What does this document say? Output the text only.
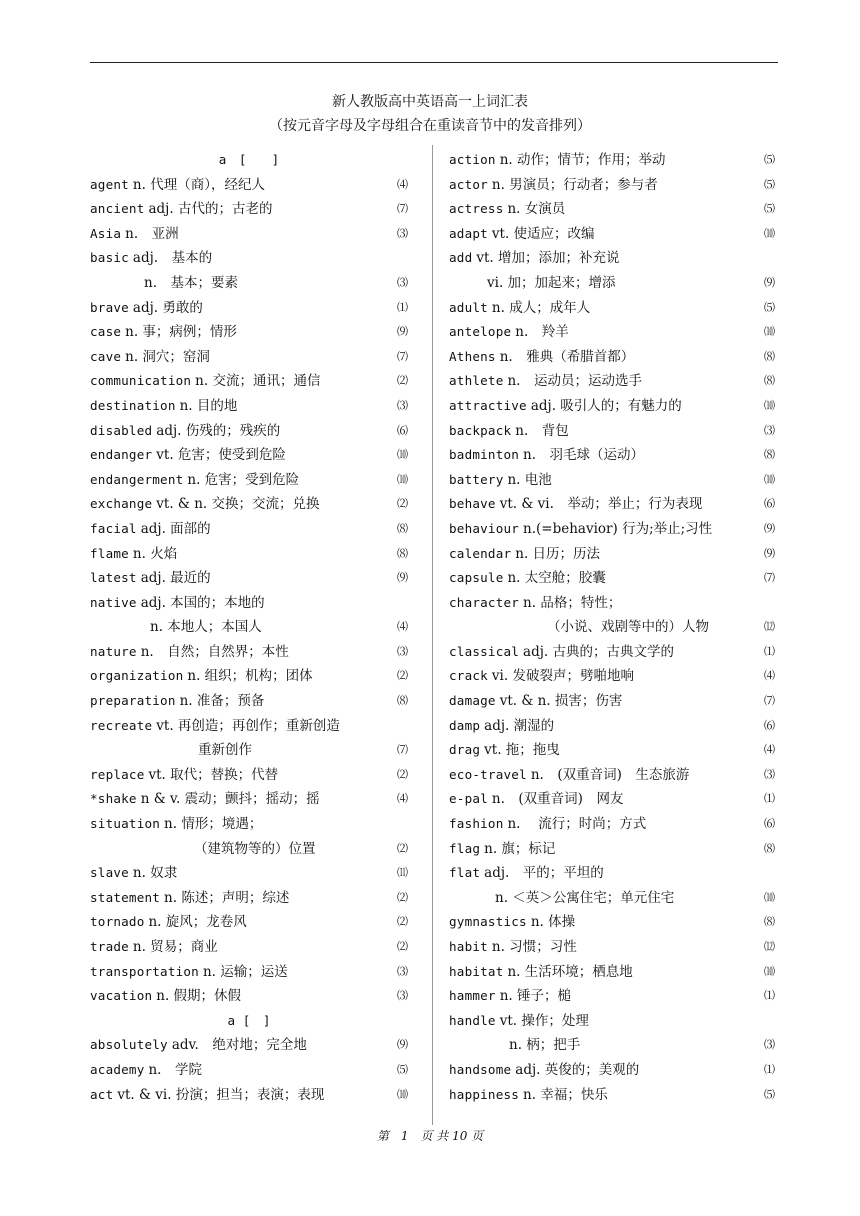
新人教版高中英语高一上词汇表
（按元音字母及字母组合在重读音节中的发音排列）
a　[　　]
agent n. 代理（商），经纪人	⑷
ancient adj. 古代的；古老的	⑺
Asia n.　亚洲	⑶
basic adj.　基本的
n.　基本；要素	⑶
brave adj. 勇敢的	⑴
case n. 事；病例；情形	⑼
cave n. 洞穴；窑洞	⑺
communication n. 交流；通讯；通信	⑵
destination n. 目的地	⑶
disabled adj. 伤残的；残疾的	⑹
endanger vt. 危害；使受到危险	⑽
endangerment n. 危害；受到危险	⑽
exchange vt. & n. 交换；交流；兑换	⑵
facial adj. 面部的	⑻
flame n. 火焰	⑻
latest adj. 最近的	⑼
native adj. 本国的；本地的
n. 本地人；本国人	⑷
nature n.　自然；自然界；本性	⑶
organization n. 组织；机构；团体	⑵
preparation n. 准备；预备	⑻
recreate vt. 再创造；再创作；重新创造
重新创作	⑺
replace vt. 取代；替换；代替	⑵
*shake n & v. 震动；颤抖；摇动；摇	⑷
situation n. 情形；境遇；
（建筑物等的）位置	⑵
slave n. 奴隶	⑾
statement n. 陈述；声明；综述	⑵
tornado n. 旋风；龙卷风	⑵
trade n. 贸易；商业	⑵
transportation n. 运输；运送	⑶
vacation n. 假期；休假	⑶
a [　]
absolutely adv.　绝对地；完全地	⑼
academy n.　学院	⑸
act vt. & vi. 扮演；担当；表演；表现	⑽
action n. 动作；情节；作用；举动	⑸
actor n. 男演员；行动者；参与者	⑸
actress n. 女演员	⑸
adapt vt. 使适应；改编	⑽
add vt. 增加；添加；补充说
vi. 加；加起来；增添	⑼
adult n. 成人；成年人	⑸
antelope n.　羚羊	⑽
Athens n.　雅典（希腊首都）	⑻
athlete n.　运动员；运动选手	⑻
attractive adj. 吸引人的；有魅力的	⑽
backpack n.　背包	⑶
badminton n.　羽毛球（运动）	⑻
battery n. 电池	⑽
behave vt. & vi.　举动；举止；行为表现	⑹
behaviour n.(=behavior) 行为;举止;习性	⑼
calendar n. 日历；历法	⑼
capsule n. 太空舱；胶囊	⑺
character n. 品格；特性；
（小说、戏剧等中的）人物	⑿
classical adj. 古典的；古典文学的	⑴
crack vi. 发破裂声；劈啪地响	⑷
damage vt. & n. 损害；伤害	⑺
damp adj. 潮湿的	⑹
drag vt. 拖；拖曳	⑷
eco-travel n.　(双重音词)　生态旅游	⑶
e-pal n.　(双重音词)　网友	⑴
fashion n.　 流行；时尚；方式	⑹
flag n. 旗；标记	⑻
flat adj.　平的；平坦的
n. ＜英＞公寓住宅；单元住宅	⑽
gymnastics n. 体操	⑻
habit n. 习惯；习性	⑿
habitat n. 生活环境；栖息地	⑽
hammer n. 锤子；槌	⑴
handle vt. 操作；处理
n. 柄；把手	⑶
handsome adj. 英俊的；美观的	⑴
happiness n. 幸福；快乐	⑸
第　1　页 共 10 页
